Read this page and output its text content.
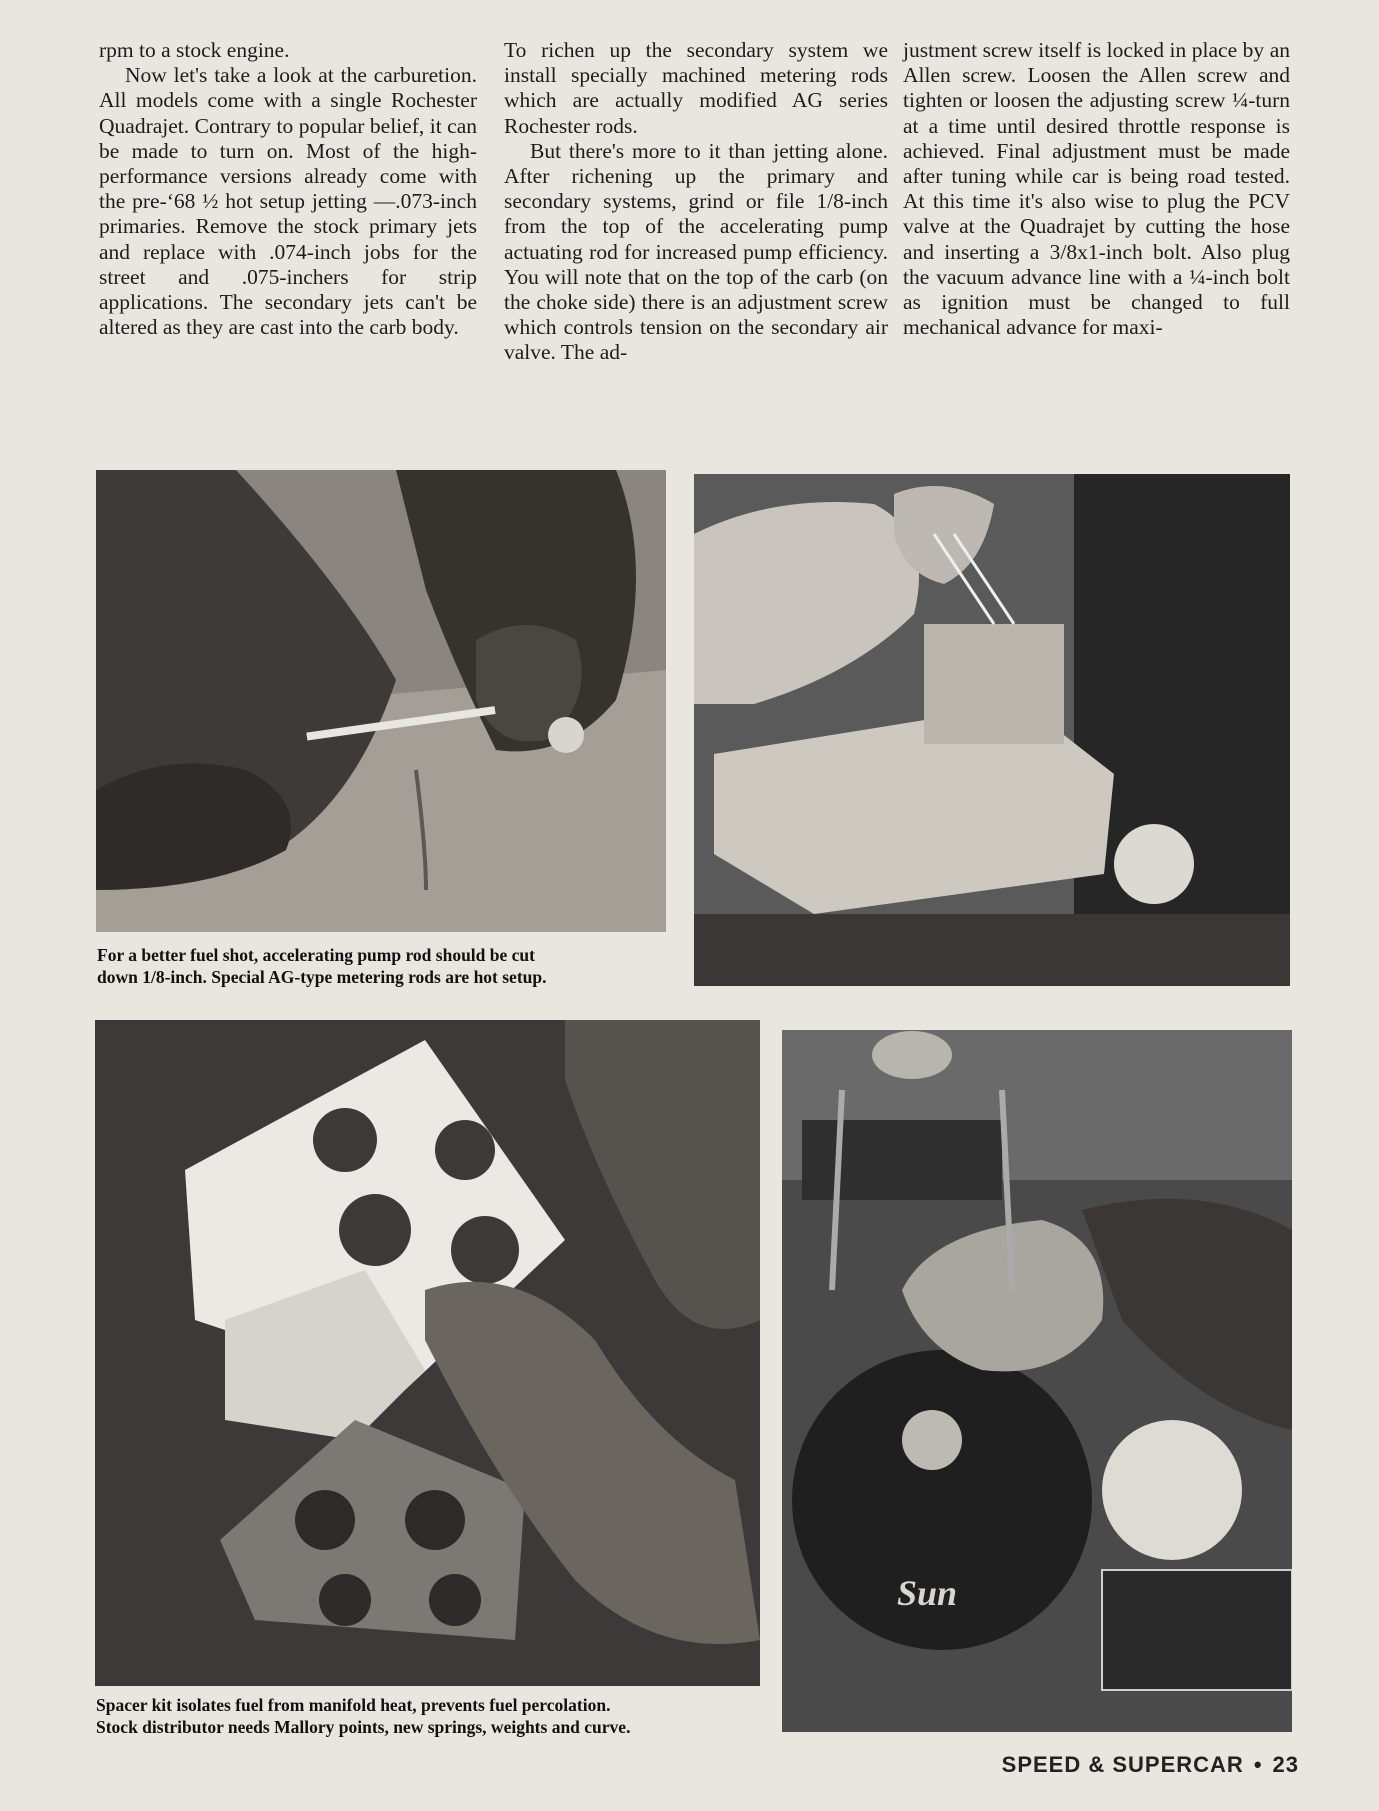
rpm to a stock engine.

Now let's take a look at the carburetion. All models come with a single Rochester Quadrajet. Contrary to popular belief, it can be made to turn on. Most of the high-performance versions already come with the pre-‘68 ½ hot setup jetting —.073-inch primaries. Remove the stock primary jets and replace with .074-inch jobs for the street and .075-inchers for strip applications. The secondary jets can't be altered as they are cast into the carb body.

To richen up the secondary system we install specially machined metering rods which are actually modified AG series Rochester rods.

But there's more to it than jetting alone. After richening up the primary and secondary systems, grind or file 1/8-inch from the top of the accelerating pump actuating rod for increased pump efficiency. You will note that on the top of the carb (on the choke side) there is an adjustment screw which controls tension on the secondary air valve. The ad-

justment screw itself is locked in place by an Allen screw. Loosen the Allen screw and tighten or loosen the adjusting screw ¼-turn at a time until desired throttle response is achieved. Final adjustment must be made after tuning while car is being road tested. At this time it's also wise to plug the PCV valve at the Quadrajet by cutting the hose and inserting a 3/8x1-inch bolt. Also plug the vacuum advance line with a ¼-inch bolt as ignition must be changed to full mechanical advance for maxi-

For a better fuel shot, accelerating pump rod should be cut
down 1/8-inch. Special AG-type metering rods are hot setup.
Sun
Spacer kit isolates fuel from manifold heat, prevents fuel percolation.
Stock distributor needs Mallory points, new springs, weights and curve.
SPEED & SUPERCAR • 23
